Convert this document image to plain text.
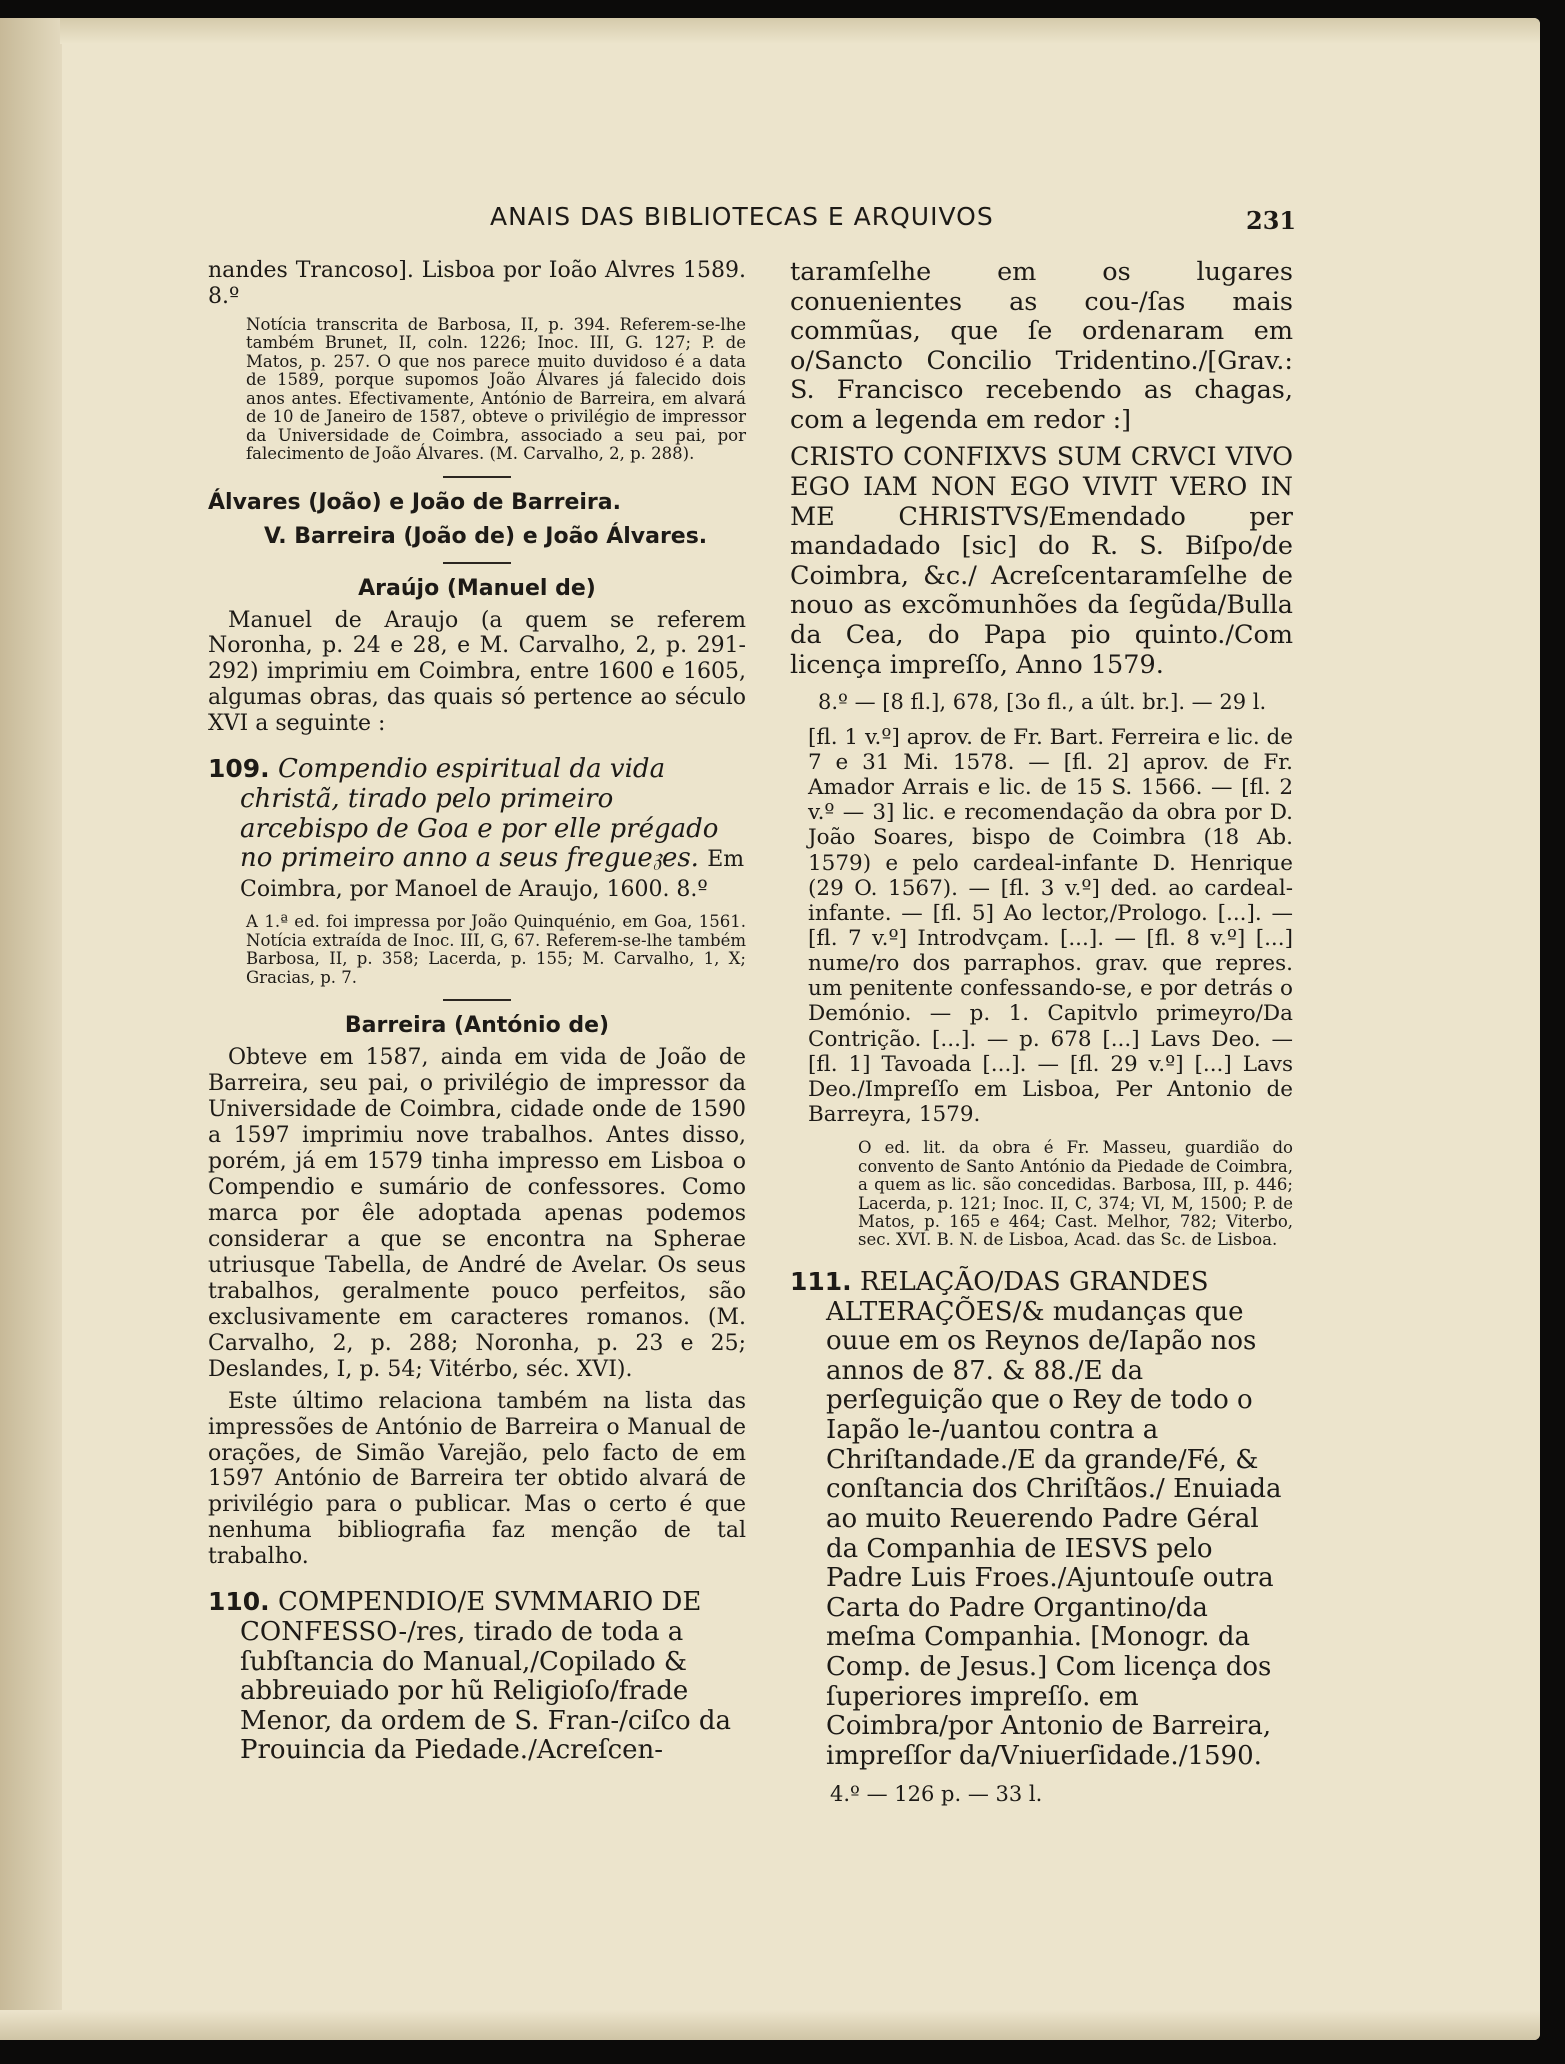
ANAIS DAS BIBLIOTECAS E ARQUIVOS	231

nandes Trancoso]. Lisboa por Ioão Alvres 1589. 8.º

Notícia transcrita de Barbosa, II, p. 394. Referem-se-lhe também Brunet, II, coln. 1226; Inoc. III, G. 127; P. de Matos, p. 257. O que nos parece muito duvidoso é a data de 1589, porque supomos João Álvares já falecido dois anos antes. Efectivamente, António de Barreira, em alvará de 10 de Janeiro de 1587, obteve o privilégio de impressor da Universidade de Coimbra, associado a seu pai, por falecimento de João Álvares. (M. Carvalho, 2, p. 288).

Álvares (João) e João de Barreira.
V. Barreira (João de) e João Álvares.
Araújo (Manuel de)

Manuel de Araujo (a quem se referem Noronha, p. 24 e 28, e M. Carvalho, 2, p. 291-292) imprimiu em Coimbra, entre 1600 e 1605, algumas obras, das quais só pertence ao século XVI a seguinte :

109. Compendio espiritual da vida christã, tirado pelo primeiro arcebispo de Goa e por elle prégado no primeiro anno a seus fregue𝔷es. Em Coimbra, por Manoel de Araujo, 1600. 8.º

A 1.ª ed. foi impressa por João Quinquénio, em Goa, 1561. Notícia extraída de Inoc. III, G, 67. Referem-se-lhe também Barbosa, II, p. 358; Lacerda, p. 155; M. Carvalho, 1, X; Gracias, p. 7.

Barreira (António de)

Obteve em 1587, ainda em vida de João de Barreira, seu pai, o privilégio de impressor da Universidade de Coimbra, cidade onde de 1590 a 1597 imprimiu nove trabalhos. Antes disso, porém, já em 1579 tinha impresso em Lisboa o Compendio e sumário de confessores. Como marca por êle adoptada apenas podemos considerar a que se encontra na Spherae utriusque Tabella, de André de Avelar. Os seus trabalhos, geralmente pouco perfeitos, são exclusivamente em caracteres romanos. (M. Carvalho, 2, p. 288; Noronha, p. 23 e 25; Deslandes, I, p. 54; Vitérbo, séc. XVI).

Este último relaciona também na lista das impressões de António de Barreira o Manual de orações, de Simão Varejão, pelo facto de em 1597 António de Barreira ter obtido alvará de privilégio para o publicar. Mas o certo é que nenhuma bibliografia faz menção de tal trabalho.

110. COMPENDIO/E SVMMARIO DE CONFESSO-/res, tirado de toda a ſubſtancia do Manual,/Copilado & abbreuiado por hũ Religioſo/frade Menor, da ordem de S. Fran-/ciſco da Prouincia da Piedade./Acreſcen-

taramſelhe em os lugares conuenientes as cou-/ſas mais commũas, que ſe ordenaram em o/Sancto Concilio Tridentino./[Grav.: S. Francisco recebendo as chagas, com a legenda em redor :]

CRISTO CONFIXVS SUM CRVCI VIVO EGO IAM NON EGO VIVIT VERO IN ME CHRISTVS/Emendado per mandadado [sic] do R. S. Biſpo/de Coimbra, &c./ Acreſcentaramſelhe de nouo as excõmunhões da ſegũda/Bulla da Cea, do Papa pio quinto./Com licença impreſſo, Anno 1579.

8.º — [8 fl.], 678, [3o fl., a últ. br.]. — 29 l.

[fl. 1 v.º] aprov. de Fr. Bart. Ferreira e lic. de 7 e 31 Mi. 1578. — [fl. 2] aprov. de Fr. Amador Arrais e lic. de 15 S. 1566. — [fl. 2 v.º — 3] lic. e recomendação da obra por D. João Soares, bispo de Coimbra (18 Ab. 1579) e pelo cardeal-infante D. Henrique (29 O. 1567). — [fl. 3 v.º] ded. ao cardeal-infante. — [fl. 5] Ao lector,/Prologo. [...]. — [fl. 7 v.º] Introdvçam. [...]. — [fl. 8 v.º] [...] nume/ro dos parraphos. grav. que repres. um penitente confessando-se, e por detrás o Demónio. — p. 1. Capitvlo primeyro/Da Contrição. [...]. — p. 678 [...] Lavs Deo. — [fl. 1] Tavoada [...]. — [fl. 29 v.º] [...] Lavs Deo./Impreſſo em Lisboa, Per Antonio de Barreyra, 1579.

O ed. lit. da obra é Fr. Masseu, guardião do convento de Santo António da Piedade de Coimbra, a quem as lic. são concedidas. Barbosa, III, p. 446; Lacerda, p. 121; Inoc. II, C, 374; VI, M, 1500; P. de Matos, p. 165 e 464; Cast. Melhor, 782; Viterbo, sec. XVI. B. N. de Lisboa, Acad. das Sc. de Lisboa.

111. RELAÇÃO/DAS GRANDES ALTERAÇÕES/& mudanças que ouue em os Reynos de/Iapão nos annos de 87. & 88./E da perſeguição que o Rey de todo o Iapão le-/uantou contra a Chriſtandade./E da grande/Fé, & conſtancia dos Chriſtãos./ Enuiada ao muito Reuerendo Padre Géral da Companhia de IESVS pelo Padre Luis Froes./Ajuntouſe outra Carta do Padre Organtino/da meſma Companhia. [Monogr. da Comp. de Jesus.] Com licença dos ſuperiores impreſſo. em Coimbra/por Antonio de Barreira, impreſſor da/Vniuerſidade./1590.

4.º — 126 p. — 33 l.
